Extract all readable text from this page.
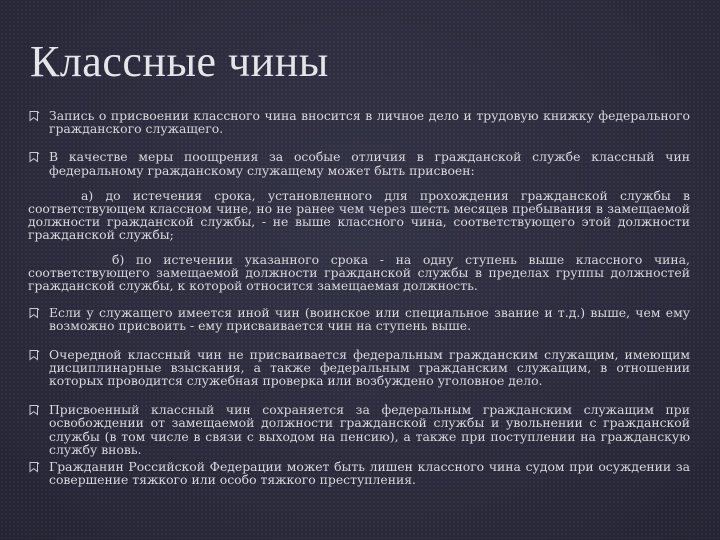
Классные чины
Запись о присвоении классного чина вносится в личное дело и трудовую книжку федерального гражданского служащего.
В качестве меры поощрения за особые отличия в гражданской службе классный чин федеральному гражданскому служащему может быть присвоен:
а) до истечения срока, установленного для прохождения гражданской службы в соответствующем классном чине, но не ранее чем через шесть месяцев пребывания в замещаемой должности гражданской службы, - не выше классного чина, соответствующего этой должности гражданской службы;
б) по истечении указанного срока - на одну ступень выше классного чина, соответствующего замещаемой должности гражданской службы в пределах группы должностей гражданской службы, к которой относится замещаемая должность.
Если у служащего имеется иной чин (воинское или специальное звание и т.д.) выше, чем ему возможно присвоить - ему присваивается чин на ступень выше.
Очередной классный чин не присваивается федеральным гражданским служащим, имеющим дисциплинарные взыскания, а также федеральным гражданским служащим, в отношении которых проводится служебная проверка или возбуждено уголовное дело.
Присвоенный классный чин сохраняется за федеральным гражданским служащим при освобождении от замещаемой должности гражданской службы и увольнении с гражданской службы (в том числе в связи с выходом на пенсию), а также при поступлении на гражданскую службу вновь.
Гражданин Российской Федерации может быть лишен классного чина судом при осуждении за совершение тяжкого или особо тяжкого преступления.
